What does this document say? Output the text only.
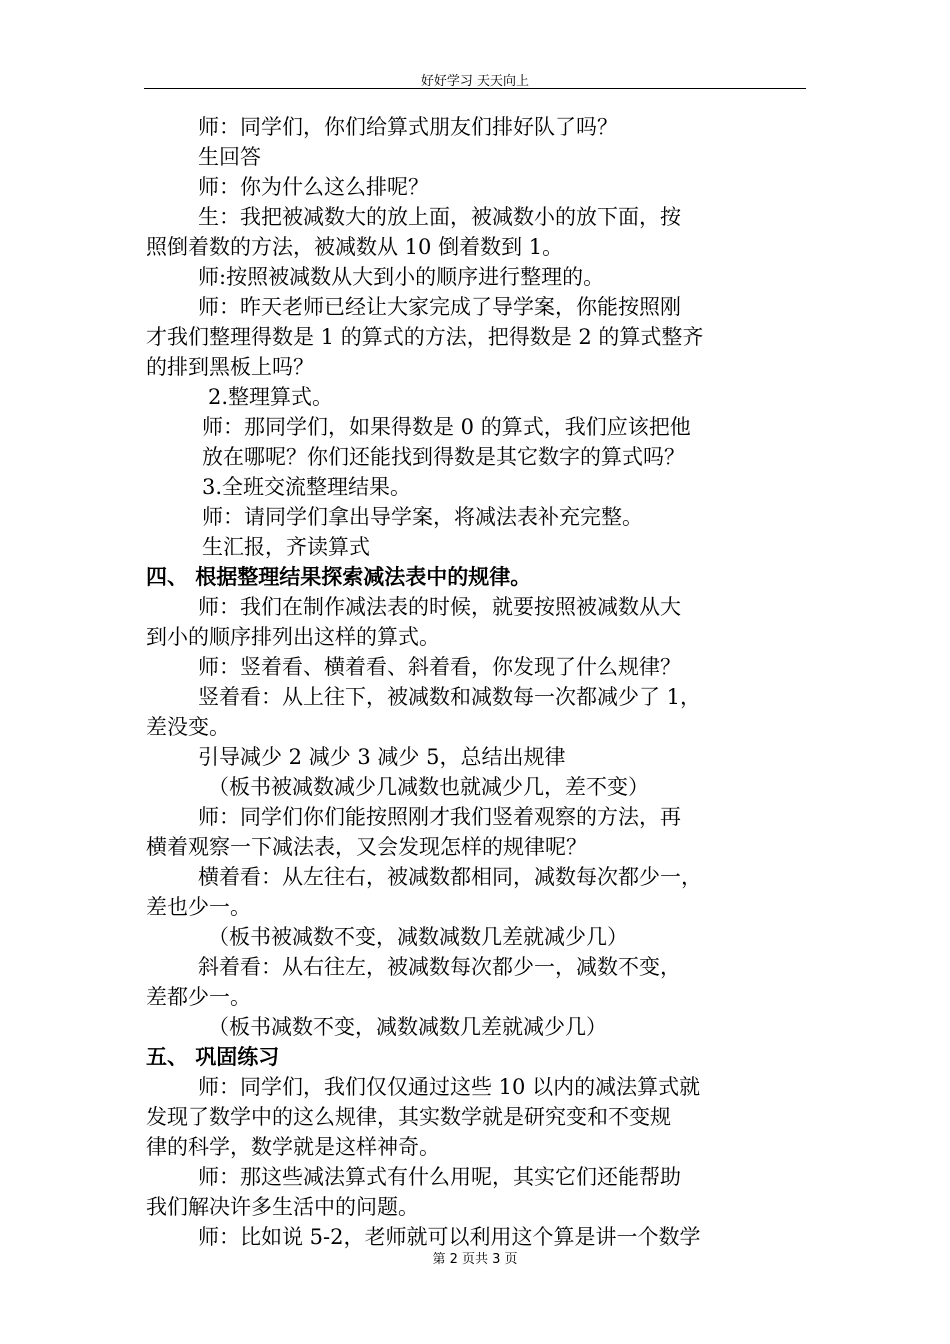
好好学习 天天向上

师：同学们，你们给算式朋友们排好队了吗？

生回答

师：你为什么这么排呢？

生：我把被减数大的放上面，被减数小的放下面，按

照倒着数的方法，被减数从 10 倒着数到 1。

师:按照被减数从大到小的顺序进行整理的。

师：昨天老师已经让大家完成了导学案，你能按照刚

才我们整理得数是 1 的算式的方法，把得数是 2 的算式整齐

的排到黑板上吗？

2.整理算式。

师：那同学们，如果得数是 0 的算式，我们应该把他

放在哪呢？你们还能找到得数是其它数字的算式吗？

3.全班交流整理结果。

师：请同学们拿出导学案，将减法表补充完整。

生汇报，齐读算式

四、 根据整理结果探索减法表中的规律。

师：我们在制作减法表的时候，就要按照被减数从大

到小的顺序排列出这样的算式。

师：竖着看、横着看、斜着看，你发现了什么规律？

竖着看：从上往下，被减数和减数每一次都减少了 1，

差没变。

引导减少 2 减少 3 减少 5，总结出规律

（板书被减数减少几减数也就减少几，差不变）

师：同学们你们能按照刚才我们竖着观察的方法，再

横着观察一下减法表，又会发现怎样的规律呢？

横着看：从左往右，被减数都相同，减数每次都少一，

差也少一。

（板书被减数不变，减数减数几差就减少几）

斜着看：从右往左，被减数每次都少一，减数不变，

差都少一。

（板书减数不变，减数减数几差就减少几）

五、 巩固练习

师：同学们，我们仅仅通过这些 10 以内的减法算式就

发现了数学中的这么规律，其实数学就是研究变和不变规

律的科学，数学就是这样神奇。

师：那这些减法算式有什么用呢，其实它们还能帮助

我们解决许多生活中的问题。

师：比如说 5-2，老师就可以利用这个算是讲一个数学

第 2 页共 3 页
